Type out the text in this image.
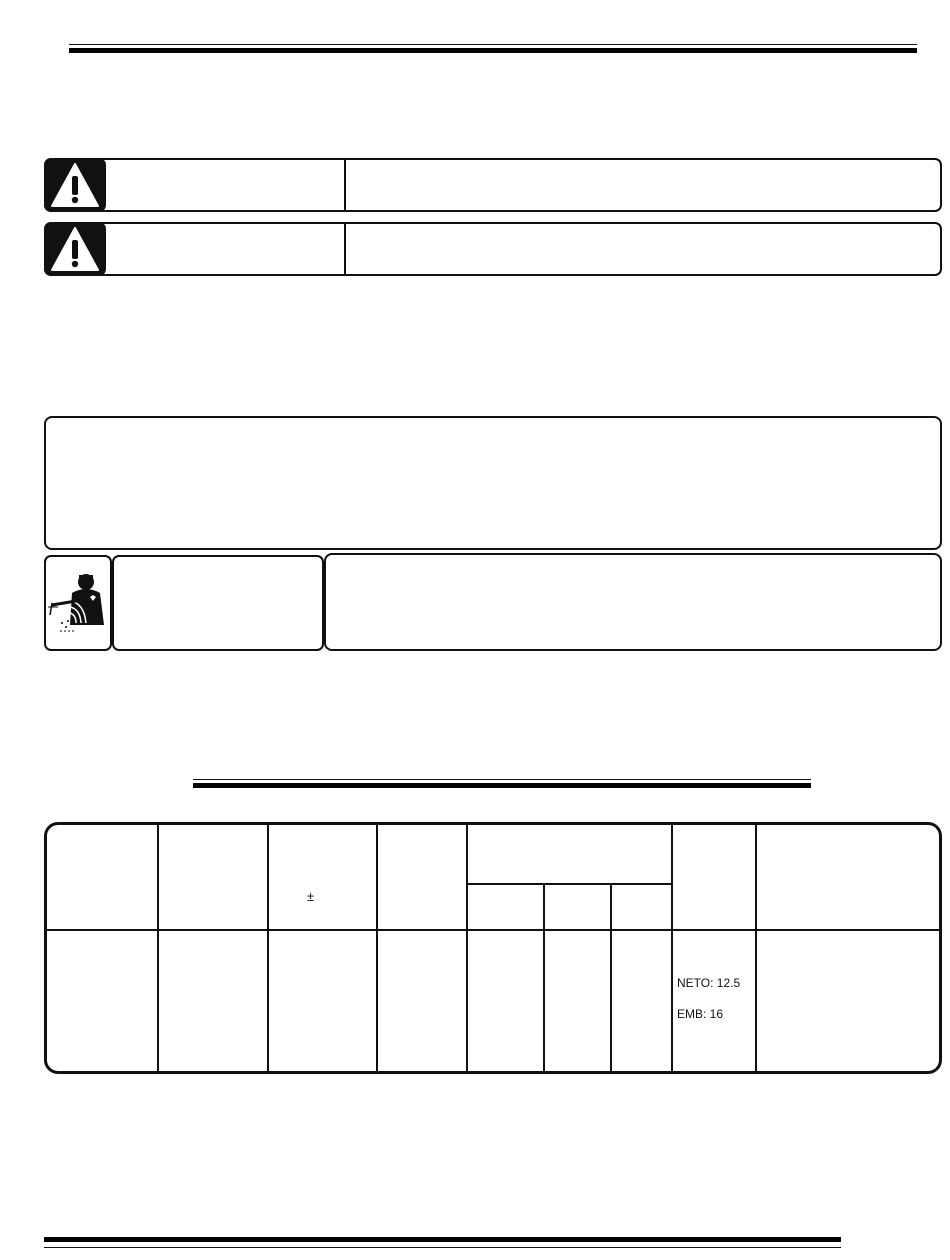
±
NETO: 12.5
EMB: 16
